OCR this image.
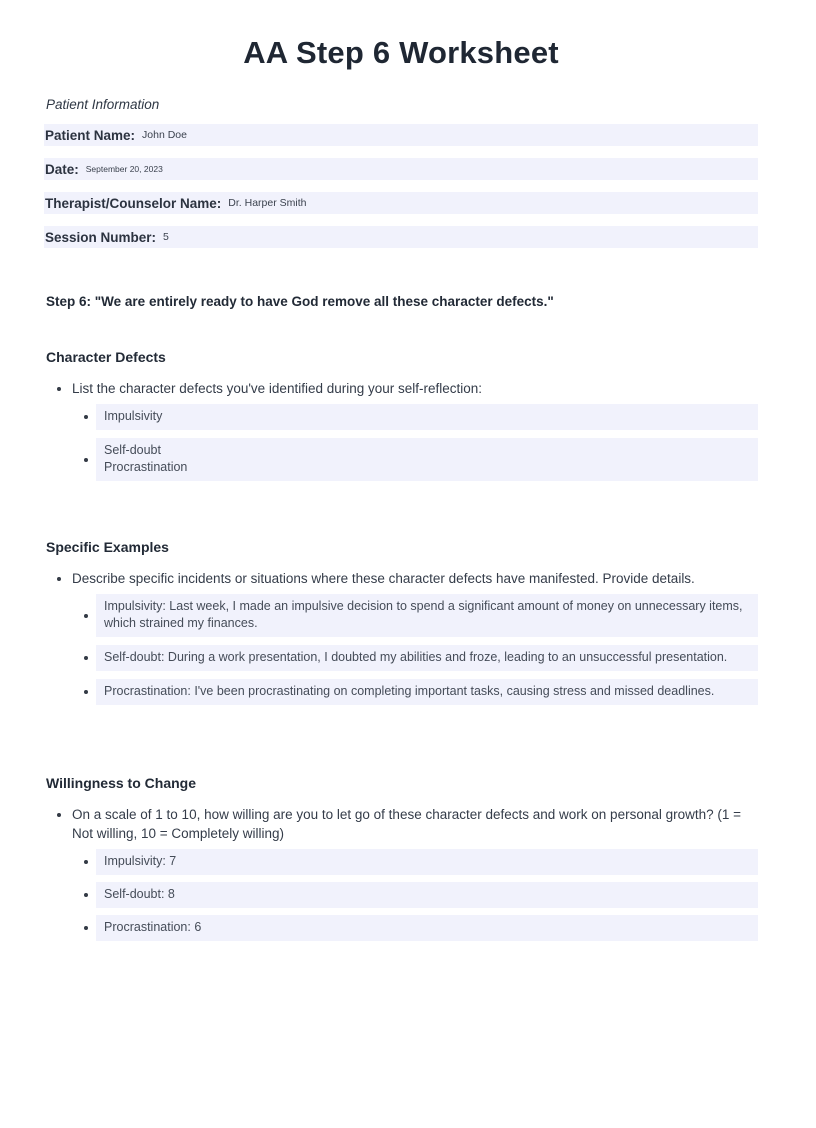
AA Step 6 Worksheet
Patient Information
Patient Name: John Doe
Date: September 20, 2023
Therapist/Counselor Name: Dr. Harper Smith
Session Number: 5
Step 6: "We are entirely ready to have God remove all these character defects."
Character Defects
List the character defects you've identified during your self-reflection:
Impulsivity
Self-doubt
Procrastination
Specific Examples
Describe specific incidents or situations where these character defects have manifested. Provide details.
Impulsivity: Last week, I made an impulsive decision to spend a significant amount of money on unnecessary items, which strained my finances.
Self-doubt: During a work presentation, I doubted my abilities and froze, leading to an unsuccessful presentation.
Procrastination: I've been procrastinating on completing important tasks, causing stress and missed deadlines.
Willingness to Change
On a scale of 1 to 10, how willing are you to let go of these character defects and work on personal growth? (1 = Not willing, 10 = Completely willing)
Impulsivity: 7
Self-doubt: 8
Procrastination: 6
